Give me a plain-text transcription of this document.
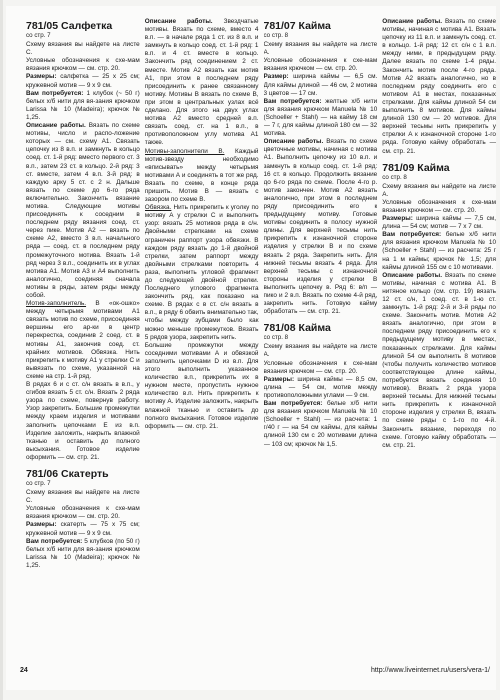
781/05 Салфетка
со стр. 7

Схему вязания вы найдете на листе С.

Условные обозначения к схе-мам вязания крючком — см. стр. 20.

Размеры: салфетка — 25 х 25 см; кружевной мотив — 9 х 9 см.

Вам потребуется: 1 клубок (~ 50 г) белых х/б нити для вя-зания крючком Larissa № 10 (Madeira); крючок № 1,25.

Описание работы. Вязать по схеме мотивы, число и распо-ложение которых — см. схему A1. Связать цепочку из 8 в.п. и замкнуть в кольцо соед. ст. 1-й ряд: вместо первого ст. 3 в.п., затем 23 ст. в кольцо. 2-й ряд: 3 ст. вместе, затем 4 в.п. 3-й ряд: в каждую арку 5 ст. с 2 н. Дальше вязать по схеме до 6-го ряда включительно. Закончить вязание мотива. Следующие мотивы присоединять к соседним в последнем ряду вязания соед. ст. через пике. Мотив A2 — вязать по схеме A2, вместо 3 в.п. начального ряда — соед. ст. в последнем ряду промежуточного мотива. Вязать 1-й ряд через 3 в.п., соединить их в углах мотива A1. Мотив A3 и A4 выполнить аналогично, соединяя сначала мотивы в ряды, затем ряды между собой.

Мотив-заполнитель. В «ок-ошко» между четырьмя мотивами A1 связать мотив по схеме, присоединяя вершины его ар-ки в центр перекрестка, соединив 2 соед. ст. в мотивы A1, закончив соед. ст. крайних мотивов. Обвязка. Нить прикрепить к мотиву A1 у стрелки С и вывязать по схеме, указанной на схеме на стр. 1-й ряд.

В рядах 6 и с ст. с/н вязать в в.п., у сгибов вязать 5 ст. с/н. Вязать 2 ряда узора по схеме, повернув работу. Узор закрепить. Большие промежутки между краем изделия и мотивами заполнить цепочками E из в.п. Изделие заложить, накрыть влажной тканью и оставить до полного высыхания. Готовое изделие оформить — см. стр. 21.

781/06 Скатерть
со стр. 7

Схему вязания вы найдете на листе С.

Условные обозначения к схе-мам вязания крючком — см. стр. 20.

Размеры: скатерть — 75 х 75 см; кружевной мотив — 9 х 9 см.

Вам потребуется: 5 клубков (по 50 г) белых х/б нити для вя-зания крючком Larissa № 10 (Madeira); крючок № 1,25.

Описание работы. Звездчатые мотивы. Вязать по схеме, вместо 4 в.п. — в начале ряда 1 ст. из 8 в.п. и замкнуть в кольцо соед. ст. 1-й ряд: 1 в.п. и 4 ст. вместе в кольцо. Закончить ряд соединением 2 ст. вместе. Мотив A2 вязать как мотив A1, при этом в последнем ряду присоединить к ранее связанному мотиву. Мотивы B вязать по схеме B, при этом в центральных узлах всё сделано. Для этого на двух углах мотива A2 вместо средней в.п. связать соед. ст. на 1 в.п., в противоположном углу мотива A1 также.

Мотивы-заполнители В. Каждый мотив-звезду необходимо «вписывать» между четырьмя мотивами А и соединять в тот же ряд. Вязать по схеме, в конце ряда пришить. Мотив В — вязать с зазором по схеме В.

Обвязка. Нить прикрепить к уголку по мотиву А у стрелки C и выполнить узор: вязать 25 мотивов ряда в с/н. Двойными стрелками на схеме ограничен раппорт узора обвязки. В каждом ряду вязать до 1-й двойной стрелки, затем раппорт между двойными стрелками повторить 4 раза, выполнить угловой фрагмент до следующей двойной стрелки. Последнего углового фрагмента закончить ряд, как показано на схеме. В рядах с в ст. с/н вязать в в.п., в ряду 6 обвить внимательно так, чтобы между зубцами было как можно меньше промежутков. Вязать 5 рядов узора, закрепить нить.

Большие промежутки между соседними мотивами А и обвязкой заполнить цепочками D из в.п. Для этого выполнить указанное количество в.п., прикрепить их в нужном месте, пропустить нужное количество в.п. Нить прикрепить к мотиву А. Изделие заложить, накрыть влажной тканью и оставить до полного высыхания. Готовое изделие оформить — см. стр. 21.

781/07 Кайма
со стр. 8

Схему вязания вы найдете на листе А.

Условные обозначения к схе-мам вязания крючком — см. стр. 20.

Размер: ширина каймы — 6,5 см. Для каймы длиной — 46 см, 2 мотива 3 цветов — 17 см.

Вам потребуется: желтые х/б нити для вязания крючком Manuela № 10 (Schoeller + Stahl) — на кайму 18 см — 7 г, для каймы длиной 180 см — 32 мотива.

Описание работы. Вязать по схеме цветочные мотивы, начиная с мотива A1. Выполнить цепочку из 10 в.п. и замкнуть в кольцо соед. ст. 1-й ряд: 16 ст. в кольцо. Продолжить вязание до 6-го ряда по схеме. После 4-го р. мотив закончен. Мотив A2 вязать аналогично, при этом в последнем ряду присоединить его к предыдущему мотиву. Готовые мотивы соединить в полосу нужной длины. Для верхней тесьмы нить прикрепить к изнаночной стороне изделия у стрелки В и по схеме вязать 2 ряда. Закрепить нить. Для нижней тесьмы вязать 4 ряда. Для верхней тесьмы с изнаночной стороны изделия у стрелки В выполнить цепочку в. Ряд 6: в/п — пико и 2 в.п. Вязать по схеме 4-й ряд, закрепить нить. Готовую кайму обработать — см. стр. 21.

781/08 Кайма
со стр. 8

Схему вязания вы найдете на листе А.

Условные обозначения к схе-мам вязания крючком — см. стр. 20.

Размеры: ширина каймы — 8,5 см, длина — 54 см, мотив между противоположными углами — 9 см.

Вам потребуется: белые х/б нити для вязания крючком Manuela № 10 (Schoeller + Stahl) — из расчета: 1 г/40 г — на 54 см каймы, для каймы длиной 130 см с 20 мотивами длина — 103 см; крючок № 1,5.

Описание работы. Вязать по схеме мотивы, начиная с мотива A1. Вязать цепочку из 11 в.п. и замкнуть соед. ст. в кольцо. 1-й ряд: 12 ст. с/н с 1 в.п. между ними, в предыдущем ряду. Далее вязать по схеме 1-4 ряды. Закончить мотив после 4-го ряда. Мотив A2 вязать аналогично, но в последнем ряду соединить его с мотивом A1 в местах, показанных стрелками. Для каймы длиной 54 см выполнить 8 мотивов. Для каймы длиной 130 см — 20 мотивов. Для верхней тесьмы нить прикрепить у стрелки A к изнаночной стороне 1-го ряда. Готовую кайму обработать — см. стр. 21.

781/09 Кайма
со стр. 8

Схему вязания вы найдете на листе А.

Условные обозначения к схе-мам вязания крючком — см. стр. 20.

Размеры: ширина каймы — 7,5 см, длина — 54 см; мотив — 7 х 7 см.

Вам потребуется: белые х/б нити для вязания крючком Manuela № 10 (Schoeller + Stahl) — из расчета: 25 г на 1 м каймы; крючок № 1,5; для каймы длиной 155 см с 10 мотивами.

Описание работы. Вязать по схеме мотивы, начиная с мотива A1. В нитяное кольцо (см. стр. 19) вязать 12 ст. с/н, 1 соед. ст. в 1-ю ст. замкнуть. 1-й ряд: 2-й и 3-й ряды по схеме. Закончить мотив. Мотив A2 вязать аналогично, при этом в последнем ряду присоединить его к предыдущему мотиву в местах, показанных стрелками. Для каймы длиной 54 см выполнить 8 мотивов (чтобы получить количество мотивов соответствующее длине каймы, потребуется вязать соединяя 10 мотивов). Вязать 2 ряда узора верхней тесьмы. Для нижней тесьмы нить прикрепить к изнаночной стороне изделия у стрелки B, вязать по схеме ряды с 1-го по 4-й. Закончить вязание, переходя по схеме. Готовую кайму обработать — см. стр. 21.

24	http://www.liveinternet.ru/users/vera-1/
